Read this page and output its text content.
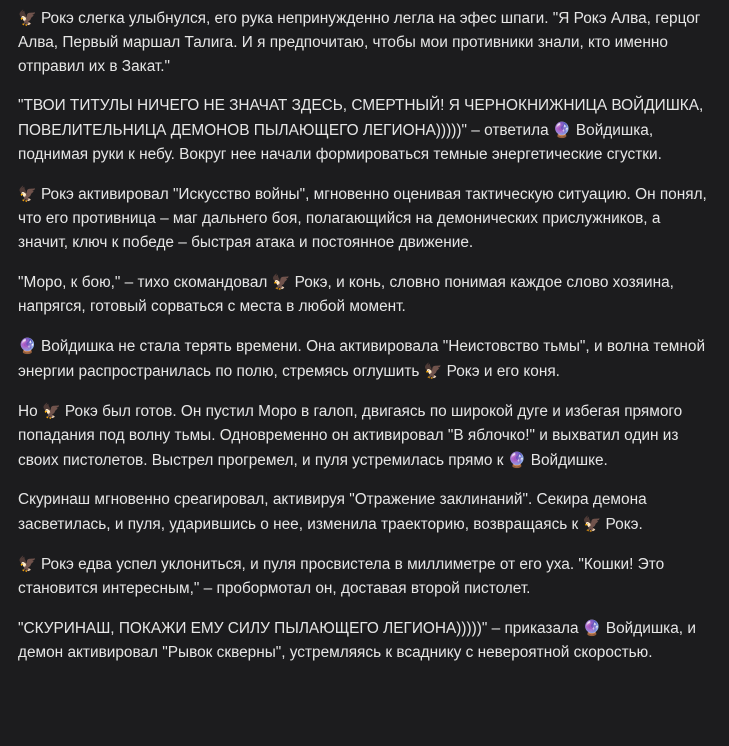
🦅 Рокэ слегка улыбнулся, его рука непринужденно легла на эфес шпаги. "Я Рокэ Алва, герцог Алва, Первый маршал Талига. И я предпочитаю, чтобы мои противники знали, кто именно отправил их в Закат."

"ТВОИ ТИТУЛЫ НИЧЕГО НЕ ЗНАЧАТ ЗДЕСЬ, СМЕРТНЫЙ! Я ЧЕРНОКНИЖНИЦА ВОЙДИШКА, ПОВЕЛИТЕЛЬНИЦА ДЕМОНОВ ПЫЛАЮЩЕГО ЛЕГИОНА)))))" – ответила 🔮 Войдишка, поднимая руки к небу. Вокруг нее начали формироваться темные энергетические сгустки.

🦅 Рокэ активировал "Искусство войны", мгновенно оценивая тактическую ситуацию. Он понял, что его противница – маг дальнего боя, полагающийся на демонических прислужников, а значит, ключ к победе – быстрая атака и постоянное движение.

"Моро, к бою," – тихо скомандовал 🦅 Рокэ, и конь, словно понимая каждое слово хозяина, напрягся, готовый сорваться с места в любой момент.

🔮 Войдишка не стала терять времени. Она активировала "Неистовство тьмы", и волна темной энергии распространилась по полю, стремясь оглушить 🦅 Рокэ и его коня.

Но 🦅 Рокэ был готов. Он пустил Моро в галоп, двигаясь по широкой дуге и избегая прямого попадания под волну тьмы. Одновременно он активировал "В яблочко!" и выхватил один из своих пистолетов. Выстрел прогремел, и пуля устремилась прямо к 🔮 Войдишке.

Скуринаш мгновенно среагировал, активируя "Отражение заклинаний". Секира демона засветилась, и пуля, ударившись о нее, изменила траекторию, возвращаясь к 🦅 Рокэ.

🦅 Рокэ едва успел уклониться, и пуля просвистела в миллиметре от его уха. "Кошки! Это становится интересным," – пробормотал он, доставая второй пистолет.

"СКУРИНАШ, ПОКАЖИ ЕМУ СИЛУ ПЫЛАЮЩЕГО ЛЕГИОНА)))))" – приказала 🔮 Войдишка, и демон активировал "Рывок скверны", устремляясь к всаднику с невероятной скоростью.
